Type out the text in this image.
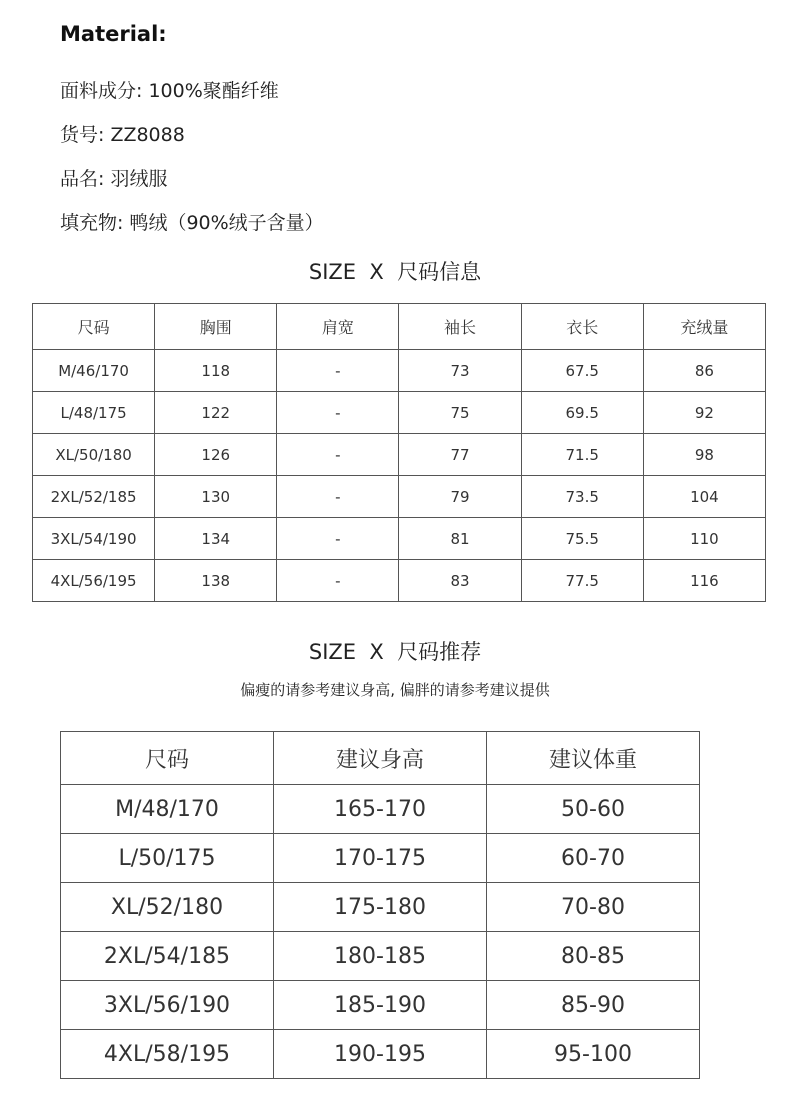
Material:
面料成分: 100%聚酯纤维
货号: ZZ8088
品名: 羽绒服
填充物: 鸭绒（90%绒子含量）
SIZE  X  尺码信息
尺码	胸围	肩宽	袖长	衣长	充绒量
M/46/170	118	-	73	67.5	86
L/48/175	122	-	75	69.5	92
XL/50/180	126	-	77	71.5	98
2XL/52/185	130	-	79	73.5	104
3XL/54/190	134	-	81	75.5	110
4XL/56/195	138	-	83	77.5	116
SIZE  X  尺码推荐
偏瘦的请参考建议身高, 偏胖的请参考建议提供
尺码	建议身高	建议体重
M/48/170	165-170	50-60
L/50/175	170-175	60-70
XL/52/180	175-180	70-80
2XL/54/185	180-185	80-85
3XL/56/190	185-190	85-90
4XL/58/195	190-195	95-100
